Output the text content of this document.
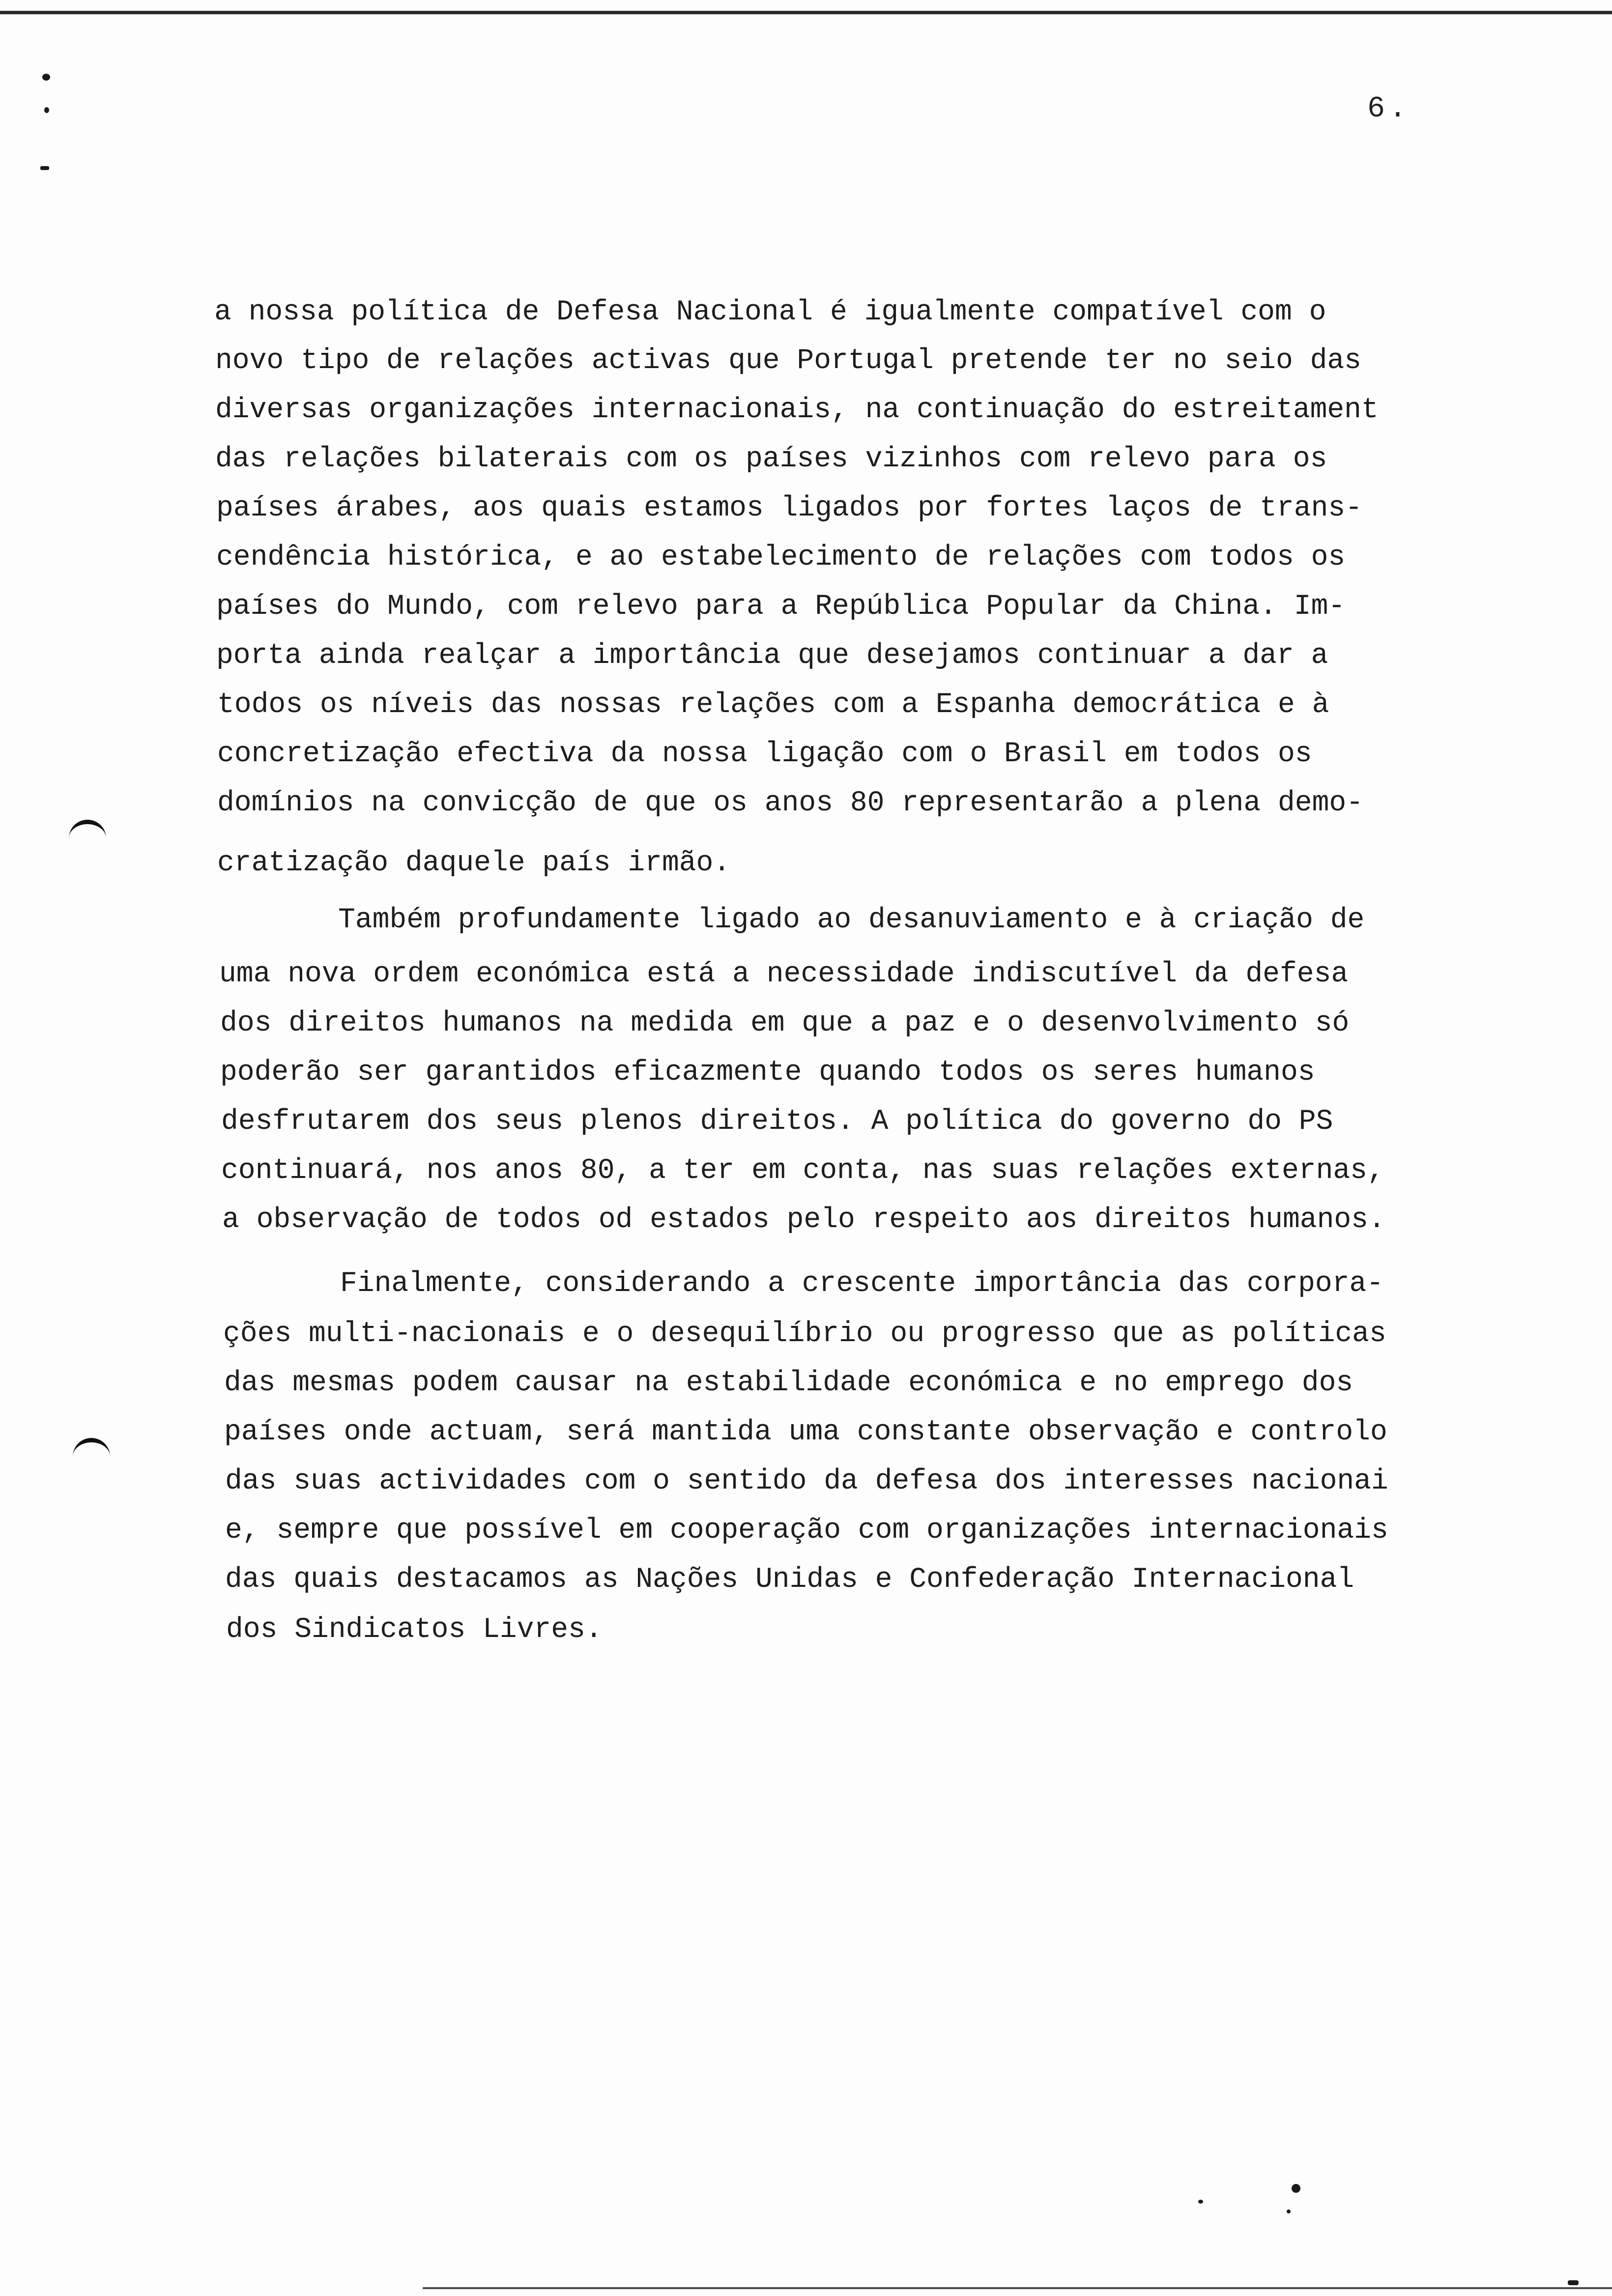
6.
a nossa política de Defesa Nacional é igualmente compatível com o
novo tipo de relações activas que Portugal pretende ter no seio das
diversas organizações internacionais, na continuação do estreitament
das relações bilaterais com os países vizinhos com relevo para os
países árabes, aos quais estamos ligados por fortes laços de trans-
cendência histórica, e ao estabelecimento de relações com todos os
países do Mundo, com relevo para a República Popular da China. Im-
porta ainda realçar a importância que desejamos continuar a dar a
todos os níveis das nossas relações com a Espanha democrática e à
concretização efectiva da nossa ligação com o Brasil em todos os
domínios na convicção de que os anos 80 representarão a plena demo-
cratização daquele país irmão.
Também profundamente ligado ao desanuviamento e à criação de
uma nova ordem económica está a necessidade indiscutível da defesa
dos direitos humanos na medida em que a paz e o desenvolvimento só
poderão ser garantidos eficazmente quando todos os seres humanos
desfrutarem dos seus plenos direitos. A política do governo do PS
continuará, nos anos 80, a ter em conta, nas suas relações externas,
a observação de todos od estados pelo respeito aos direitos humanos.
Finalmente, considerando a crescente importância das corpora-
ções multi-nacionais e o desequilíbrio ou progresso que as políticas
das mesmas podem causar na estabilidade económica e no emprego dos
países onde actuam, será mantida uma constante observação e controlo
das suas actividades com o sentido da defesa dos interesses nacionai
e, sempre que possível em cooperação com organizações internacionais
das quais destacamos as Nações Unidas e Confederação Internacional
dos Sindicatos Livres.
